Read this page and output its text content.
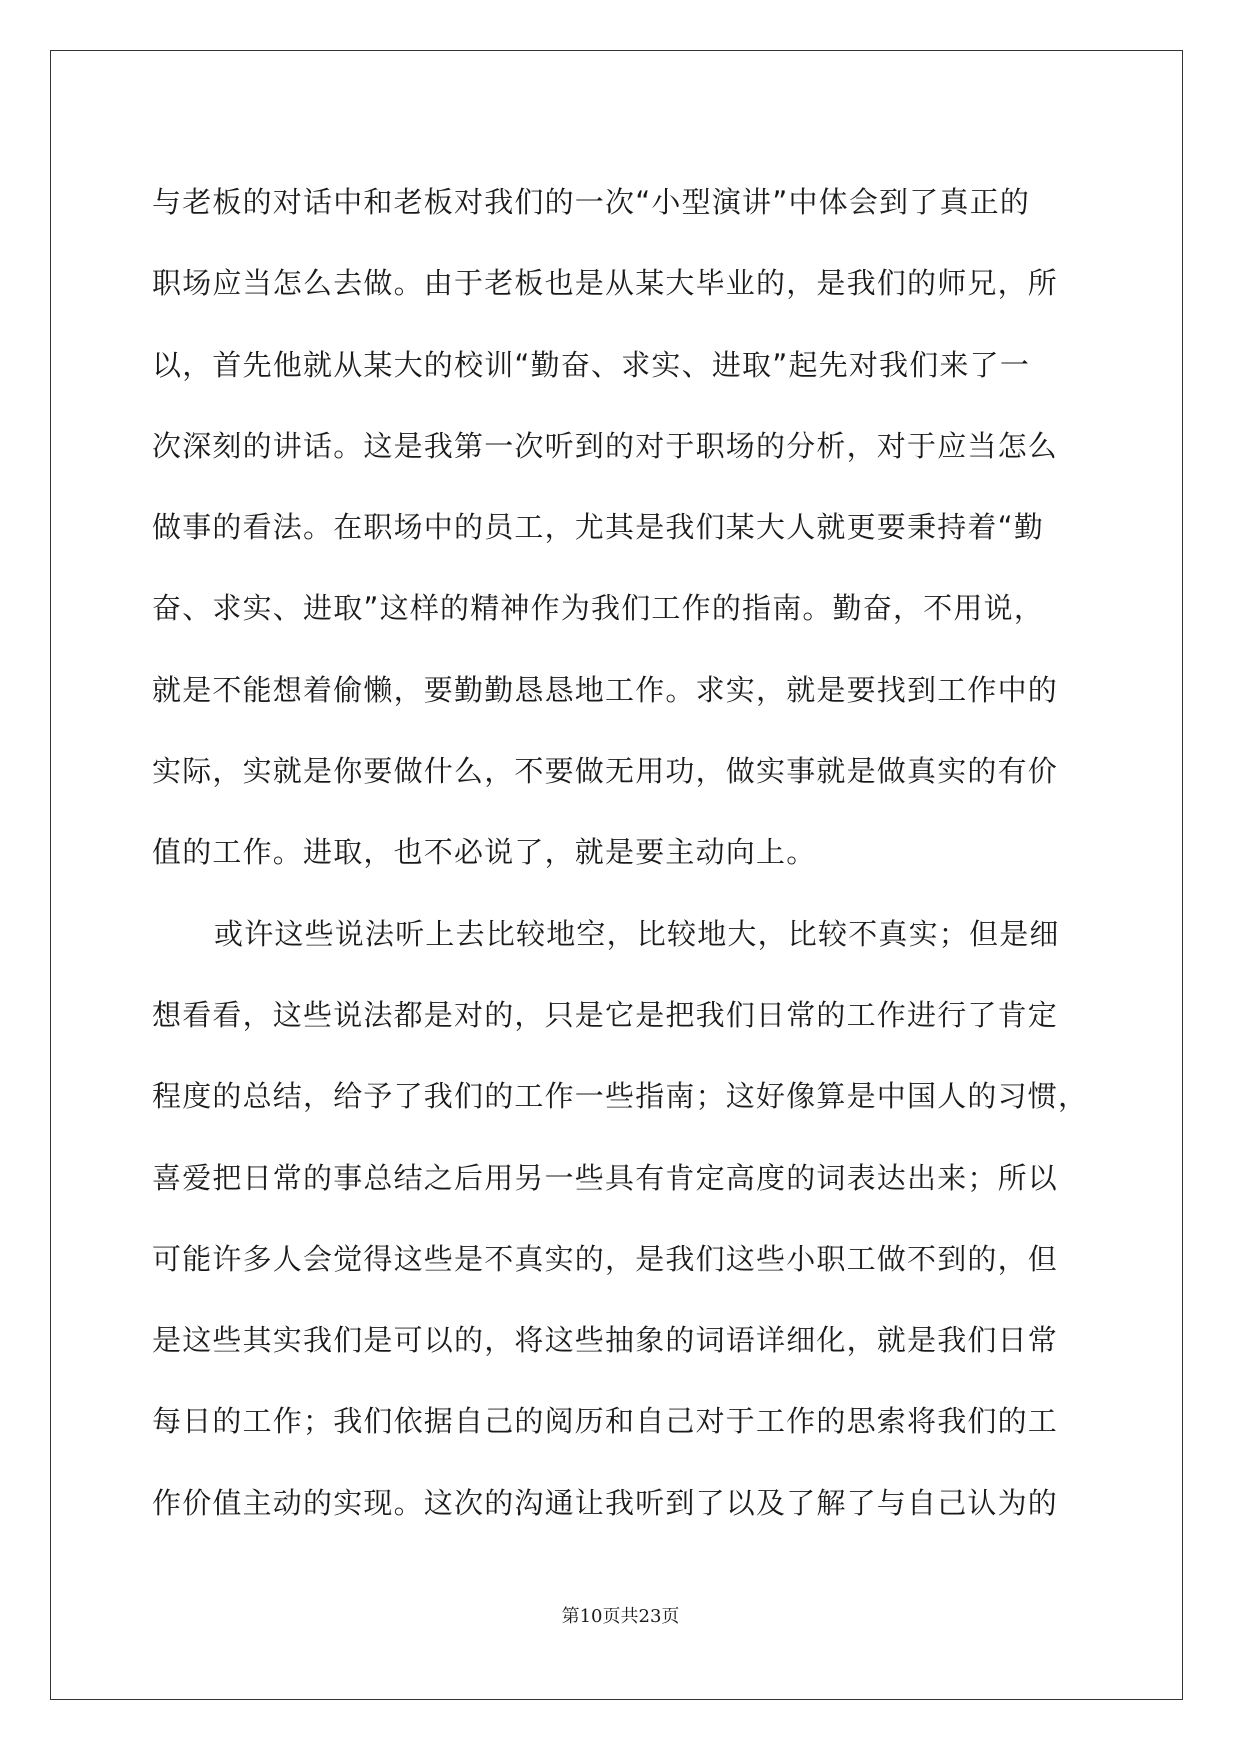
与老板的对话中和老板对我们的一次“小型演讲”中体会到了真正的
职场应当怎么去做。由于老板也是从某大毕业的，是我们的师兄，所
以，首先他就从某大的校训“勤奋、求实、进取”起先对我们来了一
次深刻的讲话。这是我第一次听到的对于职场的分析，对于应当怎么
做事的看法。在职场中的员工，尤其是我们某大人就更要秉持着“勤
奋、求实、进取”这样的精神作为我们工作的指南。勤奋，不用说，
就是不能想着偷懒，要勤勤恳恳地工作。求实，就是要找到工作中的
实际，实就是你要做什么，不要做无用功，做实事就是做真实的有价
值的工作。进取，也不必说了，就是要主动向上。
或许这些说法听上去比较地空，比较地大，比较不真实；但是细
想看看，这些说法都是对的，只是它是把我们日常的工作进行了肯定
程度的总结，给予了我们的工作一些指南；这好像算是中国人的习惯，
喜爱把日常的事总结之后用另一些具有肯定高度的词表达出来；所以
可能许多人会觉得这些是不真实的，是我们这些小职工做不到的，但
是这些其实我们是可以的，将这些抽象的词语详细化，就是我们日常
每日的工作；我们依据自己的阅历和自己对于工作的思索将我们的工
作价值主动的实现。这次的沟通让我听到了以及了解了与自己认为的
第10页共23页
